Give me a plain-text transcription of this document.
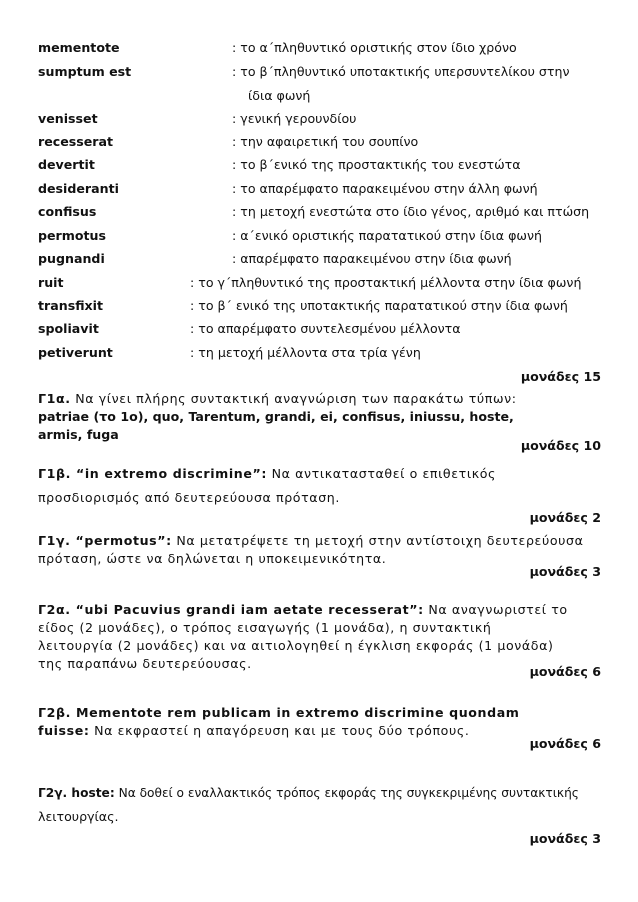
mementote	: το α΄πληθυντικό οριστικής στον ίδιο χρόνο
sumptum est	: το β΄πληθυντικό υποτακτικής υπερσυντελίκου στην
ίδια φωνή
venisset	: γενική γερουνδίου
recesserat	: την αφαιρετική του σουπίνο
devertit	: το β΄ενικό της προστακτικής του ενεστώτα
desideranti	: το απαρέμφατο παρακειμένου στην άλλη φωνή
confisus	: τη μετοχή ενεστώτα στο ίδιο γένος, αριθμό και πτώση
permotus	: α΄ενικό οριστικής παρατατικού στην ίδια φωνή
pugnandi	: απαρέμφατο παρακειμένου στην ίδια φωνή
ruit	: το γ΄πληθυντικό της προστακτική μέλλοντα στην ίδια φωνή
transfixit	: το β΄ ενικό της υποτακτικής παρατατικού στην ίδια φωνή
spoliavit	: το απαρέμφατο συντελεσμένου μέλλοντα
petiverunt	: τη μετοχή μέλλοντα στα τρία γένη
μονάδες 15
Γ1α. Να γίνει πλήρης συντακτική αναγνώριση των παρακάτω τύπων:
patriae (το 1ο), quo, Tarentum, grandi, ei, confisus, iniussu, hoste,
armis, fuga
μονάδες 10
Γ1β. “in extremo discrimine”: Να αντικατασταθεί ο επιθετικός
προσδιορισμός από δευτερεύουσα πρόταση.
μονάδες 2
Γ1γ. “permotus”: Να μετατρέψετε τη μετοχή στην αντίστοιχη δευτερεύουσα
πρόταση, ώστε να δηλώνεται η υποκειμενικότητα.
μονάδες 3
Γ2α. “ubi Pacuvius grandi iam aetate recesserat”: Να αναγνωριστεί το
είδος (2 μονάδες), ο τρόπος εισαγωγής (1 μονάδα), η συντακτική
λειτουργία (2 μονάδες) και να αιτιολογηθεί η έγκλιση εκφοράς (1 μονάδα)
της παραπάνω δευτερεύουσας.
μονάδες 6
Γ2β. Mementote rem publicam in extremo discrimine quondam
fuisse: Να εκφραστεί η απαγόρευση και με τους δύο τρόπους.
μονάδες 6
Γ2γ. hoste: Να δοθεί ο εναλλακτικός τρόπος εκφοράς της συγκεκριμένης συντακτικής
λειτουργίας.
μονάδες 3
